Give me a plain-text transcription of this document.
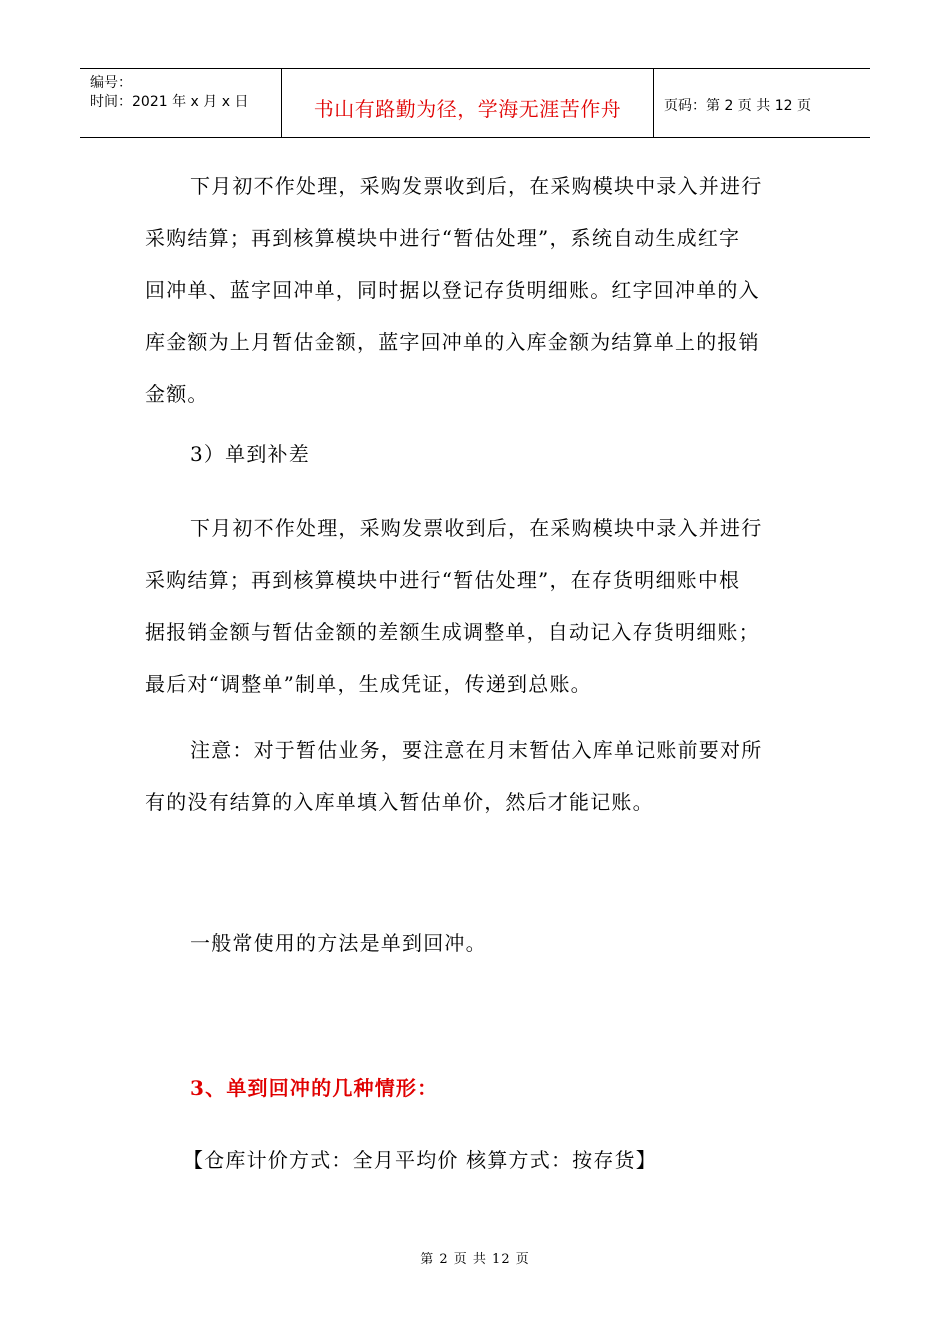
编号：
时间：2021 年 x 月 x 日	书山有路勤为径，学海无涯苦作舟	页码：第 2 页 共 12 页
下月初不作处理，采购发票收到后，在采购模块中录入并进行
采购结算；再到核算模块中进行“暂估处理”，系统自动生成红字
回冲单、蓝字回冲单，同时据以登记存货明细账。红字回冲单的入
库金额为上月暂估金额，蓝字回冲单的入库金额为结算单上的报销
金额。
3）单到补差
下月初不作处理，采购发票收到后，在采购模块中录入并进行
采购结算；再到核算模块中进行“暂估处理”，在存货明细账中根
据报销金额与暂估金额的差额生成调整单，自动记入存货明细账；
最后对“调整单”制单，生成凭证，传递到总账。
注意：对于暂估业务，要注意在月末暂估入库单记账前要对所
有的没有结算的入库单填入暂估单价，然后才能记账。
一般常使用的方法是单到回冲。
3、单到回冲的几种情形：
【仓库计价方式：全月平均价 核算方式：按存货】
第 2 页 共 12 页
